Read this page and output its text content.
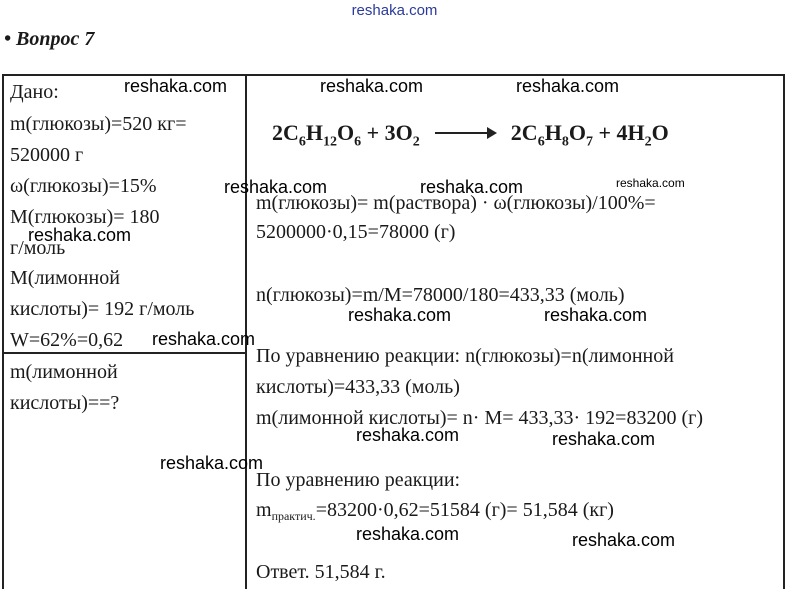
reshaka.com
• Вопрос 7
Дано:
m(глюкозы)=520 кг=
520000 г
ω(глюкозы)=15%
M(глюкозы)= 180
г/моль
M(лимонной
кислоты)= 192 г/моль
W=62%=0,62
m(лимонной
кислоты)==?
$2C_6H_{12}O_6 + 3O_2 \to 2C_6H_8O_7 + 4H_2O$
m(глюкозы)= m(раствора) · ω(глюкозы)/100%=
5200000·0,15=78000 (г)
n(глюкозы)=m/M=78000/180=433,33 (моль)
По уравнению реакции: n(глюкозы)=n(лимонной
кислоты)=433,33 (моль)
m(лимонной кислоты)= n· M= 433,33· 192=83200 (г)
По уравнению реакции:
$m_{практич.}=83200\cdot 0,62=51584$ (г)= 51,584 (кг)
Ответ. 51,584 г.
reshaka.com	reshaka.com	reshaka.com
reshaka.com	reshaka.com	reshaka.com
reshaka.com
reshaka.com	reshaka.com
reshaka.com
reshaka.com	reshaka.com
reshaka.com
reshaka.com	reshaka.com
